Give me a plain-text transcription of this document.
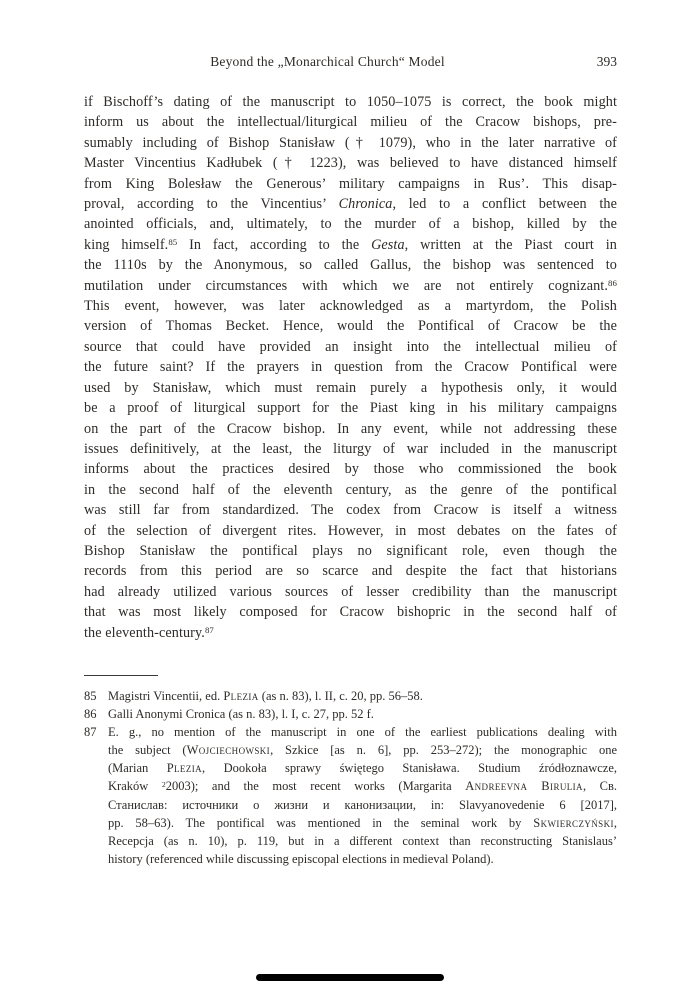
Beyond the „Monarchical Church“ Model	393
if Bischoff’s dating of the manuscript to 1050–1075 is correct, the book might
inform us about the intellectual/liturgical milieu of the Cracow bishops, pre-
sumably including of Bishop Stanisław († 1079), who in the later narrative of
Master Vincentius Kadłubek († 1223), was believed to have distanced himself
from King Bolesław the Generous’ military campaigns in Rus’. This disap-
proval, according to the Vincentius’ Chronica, led to a conflict between the
anointed officials, and, ultimately, to the murder of a bishop, killed by the
king himself.$^{85}$ In fact, according to the Gesta, written at the Piast court in
the 1110s by the Anonymous, so called Gallus, the bishop was sentenced to
mutilation under circumstances with which we are not entirely cognizant.$^{86}$
This event, however, was later acknowledged as a martyrdom, the Polish
version of Thomas Becket. Hence, would the Pontifical of Cracow be the
source that could have provided an insight into the intellectual milieu of
the future saint? If the prayers in question from the Cracow Pontifical were
used by Stanisław, which must remain purely a hypothesis only, it would
be a proof of liturgical support for the Piast king in his military campaigns
on the part of the Cracow bishop. In any event, while not addressing these
issues definitively, at the least, the liturgy of war included in the manuscript
informs about the practices desired by those who commissioned the book
in the second half of the eleventh century, as the genre of the pontifical
was still far from standardized. The codex from Cracow is itself a witness
of the selection of divergent rites. However, in most debates on the fates of
Bishop Stanisław the pontifical plays no significant role, even though the
records from this period are so scarce and despite the fact that historians
had already utilized various sources of lesser credibility than the manuscript
that was most likely composed for Cracow bishopric in the second half of
the eleventh-century.$^{87}$
85 Magistri Vincentii, ed. Plezia (as n. 83), l. II, c. 20, pp. 56–58.
86 Galli Anonymi Cronica (as n. 83), l. I, c. 27, pp. 52 f.
87 E. g., no mention of the manuscript in one of the earliest publications dealing with
the subject (Wojciechowski, Szkice [as n. 6], pp. 253–272); the monographic one
(Marian Plezia, Dookoła sprawy świętego Stanisława. Studium źródłoznawcze,
Kraków $^2$2003); and the most recent works (Margarita Andreevna Birulia, Св.
Станислав: источники о жизни и канонизации, in: Slavyanovedenie 6 [2017],
pp. 58–63). The pontifical was mentioned in the seminal work by Skwierczyński,
Recepcja (as n. 10), p. 119, but in a different context than reconstructing Stanislaus’
history (referenced while discussing episcopal elections in medieval Poland).
